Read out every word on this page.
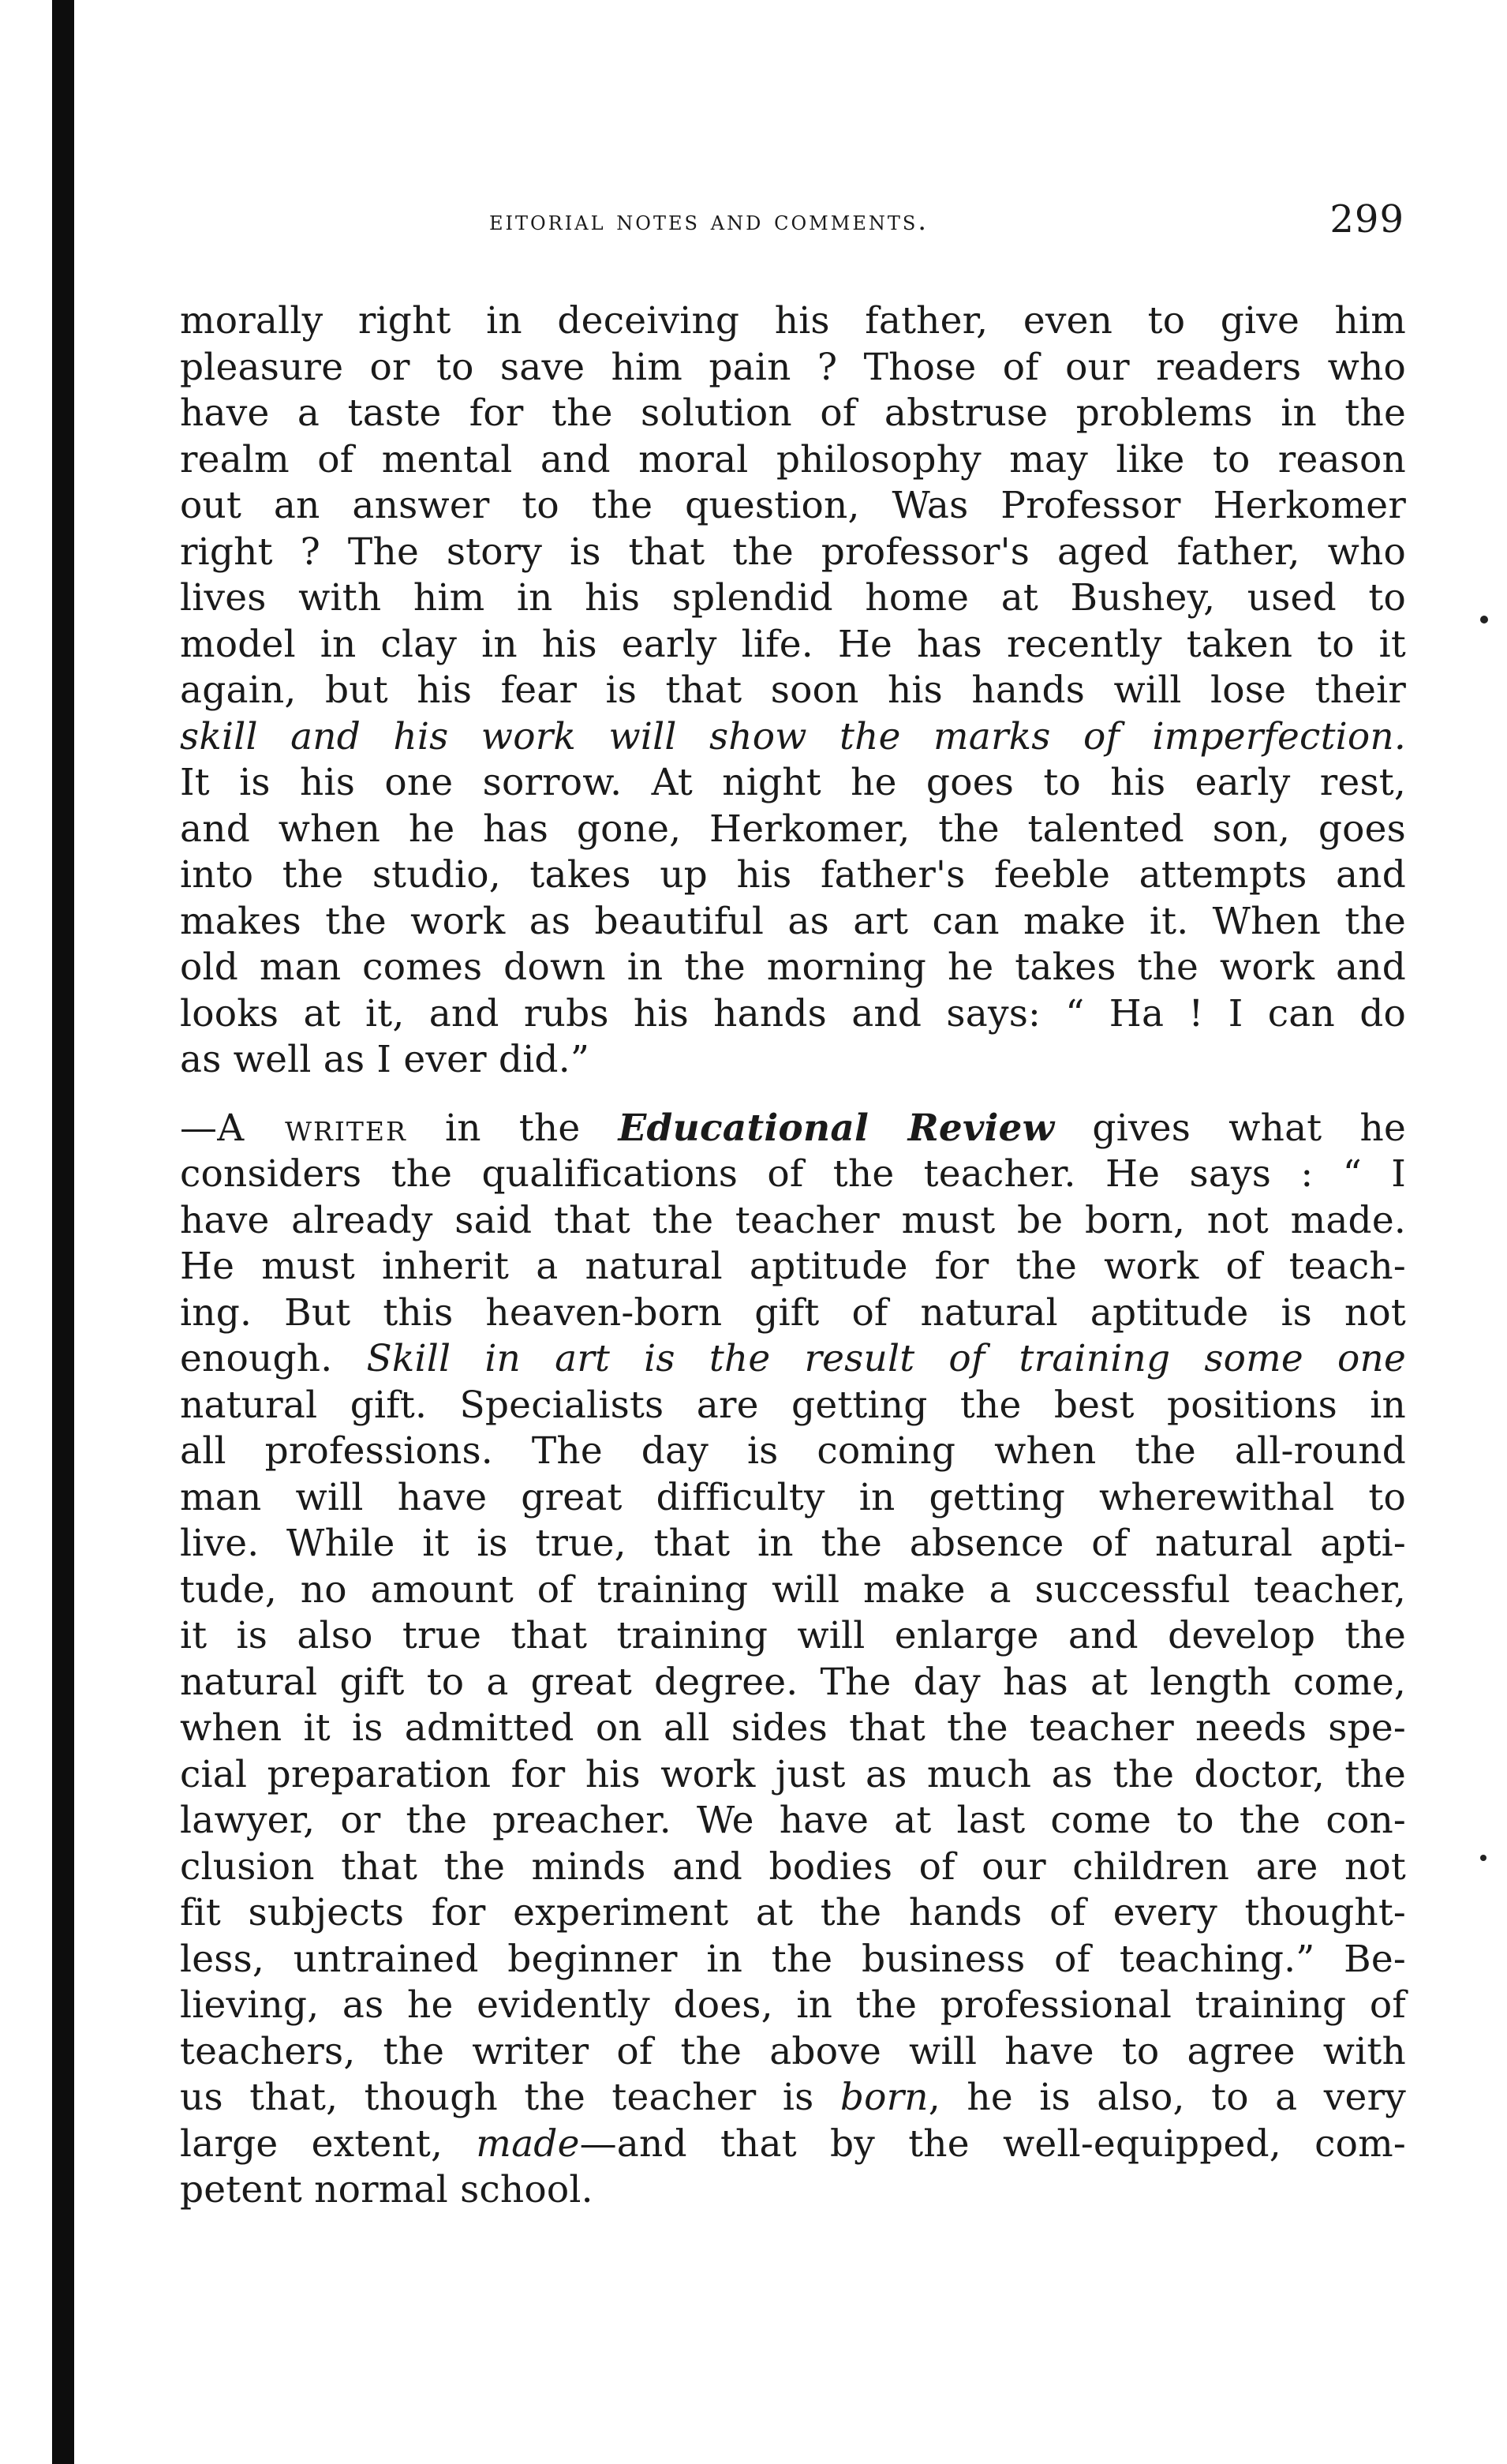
eitorial notes and comments.	299
morally right in deceiving his father, even to give him
pleasure or to save him pain ? Those of our readers who
have a taste for the solution of abstruse problems in the
realm of mental and moral philosophy may like to reason
out an answer to the question, Was Professor Herkomer
right ? The story is that the professor's aged father, who
lives with him in his splendid home at Bushey, used to
model in clay in his early life. He has recently taken to it
again, but his fear is that soon his hands will lose their
skill and his work will show the marks of imperfection.
It is his one sorrow. At night he goes to his early rest,
and when he has gone, Herkomer, the talented son, goes
into the studio, takes up his father's feeble attempts and
makes the work as beautiful as art can make it. When the
old man comes down in the morning he takes the work and
looks at it, and rubs his hands and says: “ Ha ! I can do
as well as I ever did.”
—A writer in the Educational Review gives what he
considers the qualifications of the teacher. He says : “ I
have already said that the teacher must be born, not made.
He must inherit a natural aptitude for the work of teach-
ing. But this heaven-born gift of natural aptitude is not
enough. Skill in art is the result of training some one
natural gift. Specialists are getting the best positions in
all professions. The day is coming when the all-round
man will have great difficulty in getting wherewithal to
live. While it is true, that in the absence of natural apti-
tude, no amount of training will make a successful teacher,
it is also true that training will enlarge and develop the
natural gift to a great degree. The day has at length come,
when it is admitted on all sides that the teacher needs spe-
cial preparation for his work just as much as the doctor, the
lawyer, or the preacher. We have at last come to the con-
clusion that the minds and bodies of our children are not
fit subjects for experiment at the hands of every thought-
less, untrained beginner in the business of teaching.” Be-
lieving, as he evidently does, in the professional training of
teachers, the writer of the above will have to agree with
us that, though the teacher is born, he is also, to a very
large extent, made—and that by the well-equipped, com-
petent normal school.
